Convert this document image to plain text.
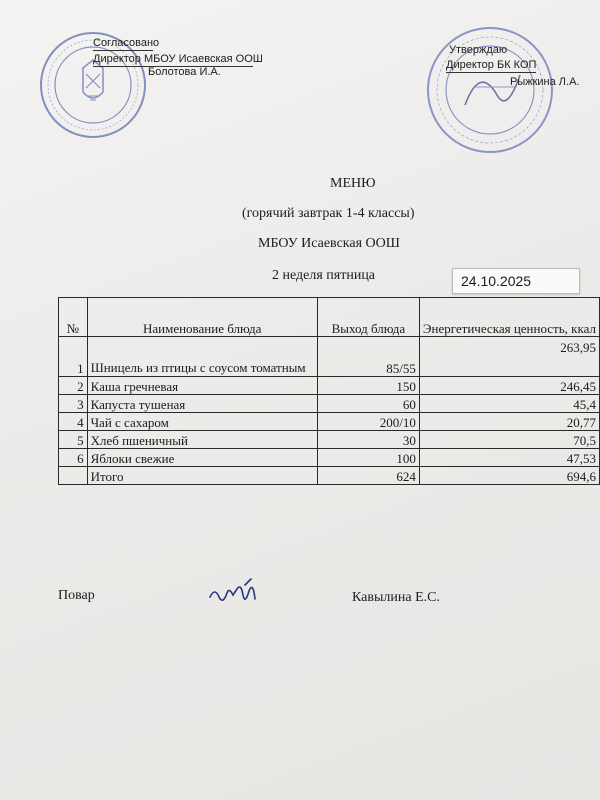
Согласовано
Директор МБОУ Исаевская ООШ
Болотова И.А.
Утверждаю
Директор БК КОП
Рыжкина Л.А.
МЕНЮ
(горячий завтрак 1-4 классы)
МБОУ Исаевская ООШ
2 неделя пятница	24.10.2025
№	Наименование блюда	Выход блюда	Энергетическая ценность, ккал
1	Шницель из птицы с соусом томатным	85/55	263,95
2	Каша гречневая	150	246,45
3	Капуста тушеная	60	45,4
4	Чай с сахаром	200/10	20,77
5	Хлеб пшеничный	30	70,5
6	Яблоки свежие	100	47,53
	Итого	624	694,6
Повар	Кавылина Е.С.
